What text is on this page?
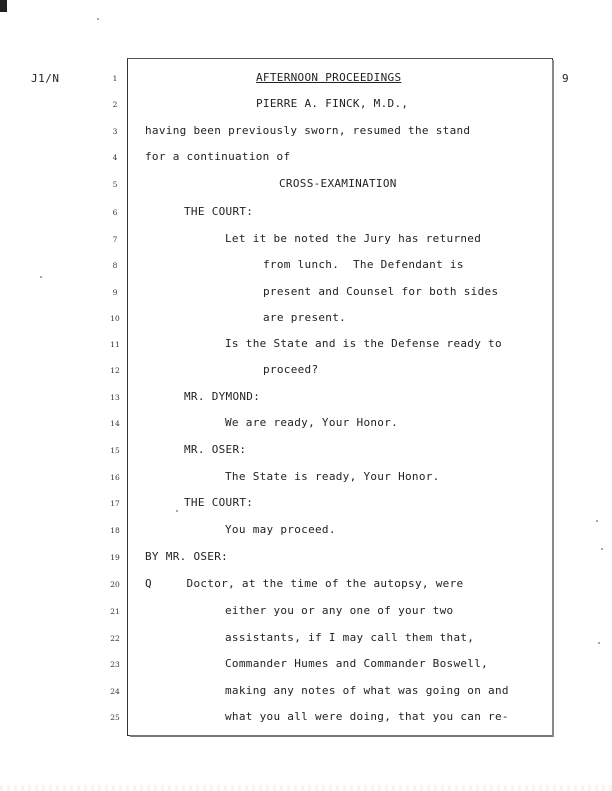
J1/N	9
1	AFTERNOON PROCEEDINGS
2	PIERRE A. FINCK, M.D.,
3	having been previously sworn, resumed the stand
4	for a continuation of
5	CROSS-EXAMINATION
6	THE COURT:
7	Let it be noted the Jury has returned
8	from lunch.  The Defendant is
9	present and Counsel for both sides
10	are present.
11	Is the State and is the Defense ready to
12	proceed?
13	MR. DYMOND:
14	We are ready, Your Honor.
15	MR. OSER:
16	The State is ready, Your Honor.
17	THE COURT:
18	You may proceed.
19	BY MR. OSER:
20	Q     Doctor, at the time of the autopsy, were
21	either you or any one of your two
22	assistants, if I may call them that,
23	Commander Humes and Commander Boswell,
24	making any notes of what was going on and
25	what you all were doing, that you can re-
